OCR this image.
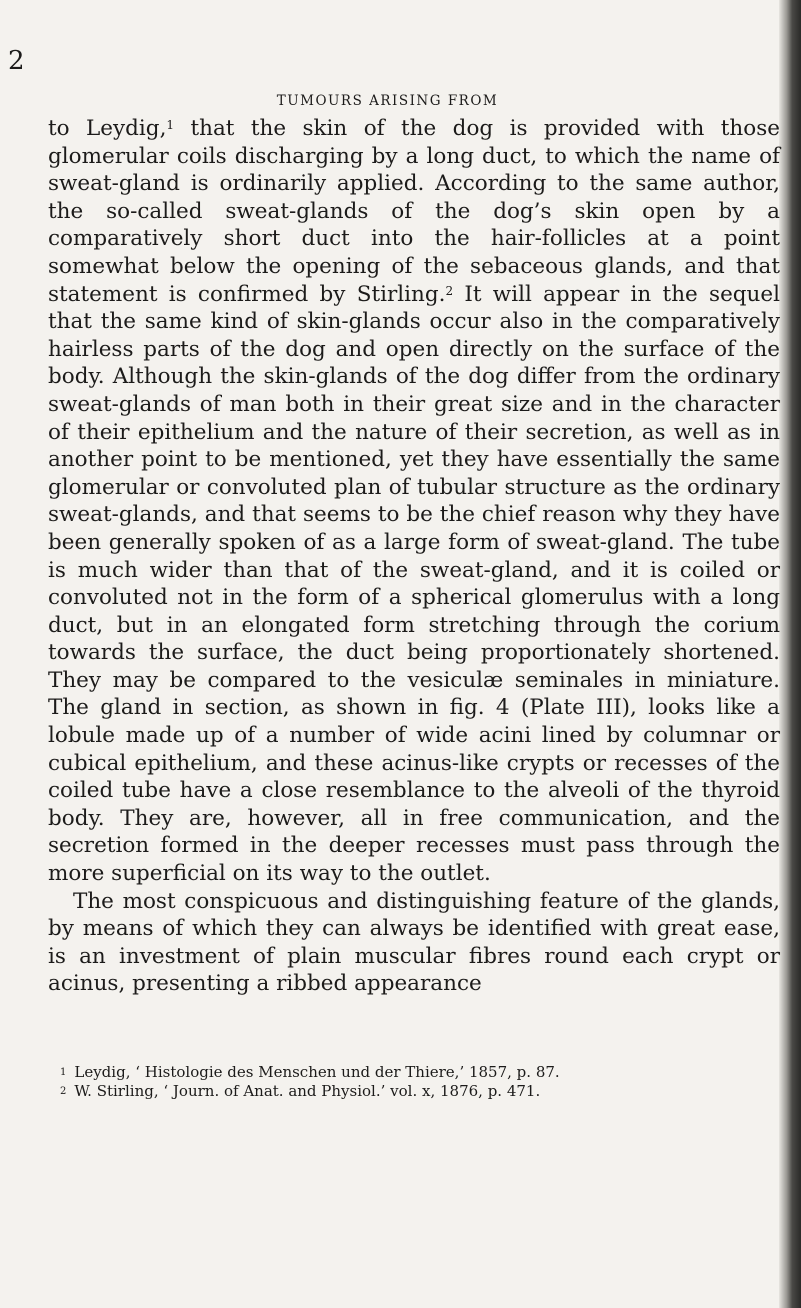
2
TUMOURS ARISING FROM

to Leydig,$^1$ that the skin of the dog is provided with those glomerular coils discharging by a long duct, to which the name of sweat-gland is ordinarily applied. According to the same author, the so-called sweat-glands of the dog’s skin open by a comparatively short duct into the hair-follicles at a point somewhat below the opening of the sebaceous glands, and that statement is confirmed by Stirling.$^2$ It will appear in the sequel that the same kind of skin-glands occur also in the comparatively hairless parts of the dog and open directly on the surface of the body. Although the skin-glands of the dog differ from the ordinary sweat-glands of man both in their great size and in the character of their epithelium and the nature of their secretion, as well as in another point to be mentioned, yet they have essentially the same glomerular or convoluted plan of tubular structure as the ordinary sweat-glands, and that seems to be the chief reason why they have been generally spoken of as a large form of sweat-gland. The tube is much wider than that of the sweat-gland, and it is coiled or convoluted not in the form of a spherical glomerulus with a long duct, but in an elongated form stretching through the corium towards the surface, the duct being proportionately shortened. They may be compared to the vesiculæ seminales in miniature. The gland in section, as shown in fig. 4 (Plate III), looks like a lobule made up of a number of wide acini lined by columnar or cubical epithelium, and these acinus-like crypts or recesses of the coiled tube have a close resemblance to the alveoli of the thyroid body. They are, however, all in free communication, and the secretion formed in the deeper recesses must pass through the more superficial on its way to the outlet.

The most conspicuous and distinguishing feature of the glands, by means of which they can always be identified with great ease, is an investment of plain muscular fibres round each crypt or acinus, presenting a ribbed appearance

$^1$ Leydig, ‘ Histologie des Menschen und der Thiere,’ 1857, p. 87.
$^2$ W. Stirling, ‘ Journ. of Anat. and Physiol.’ vol. x, 1876, p. 471.
